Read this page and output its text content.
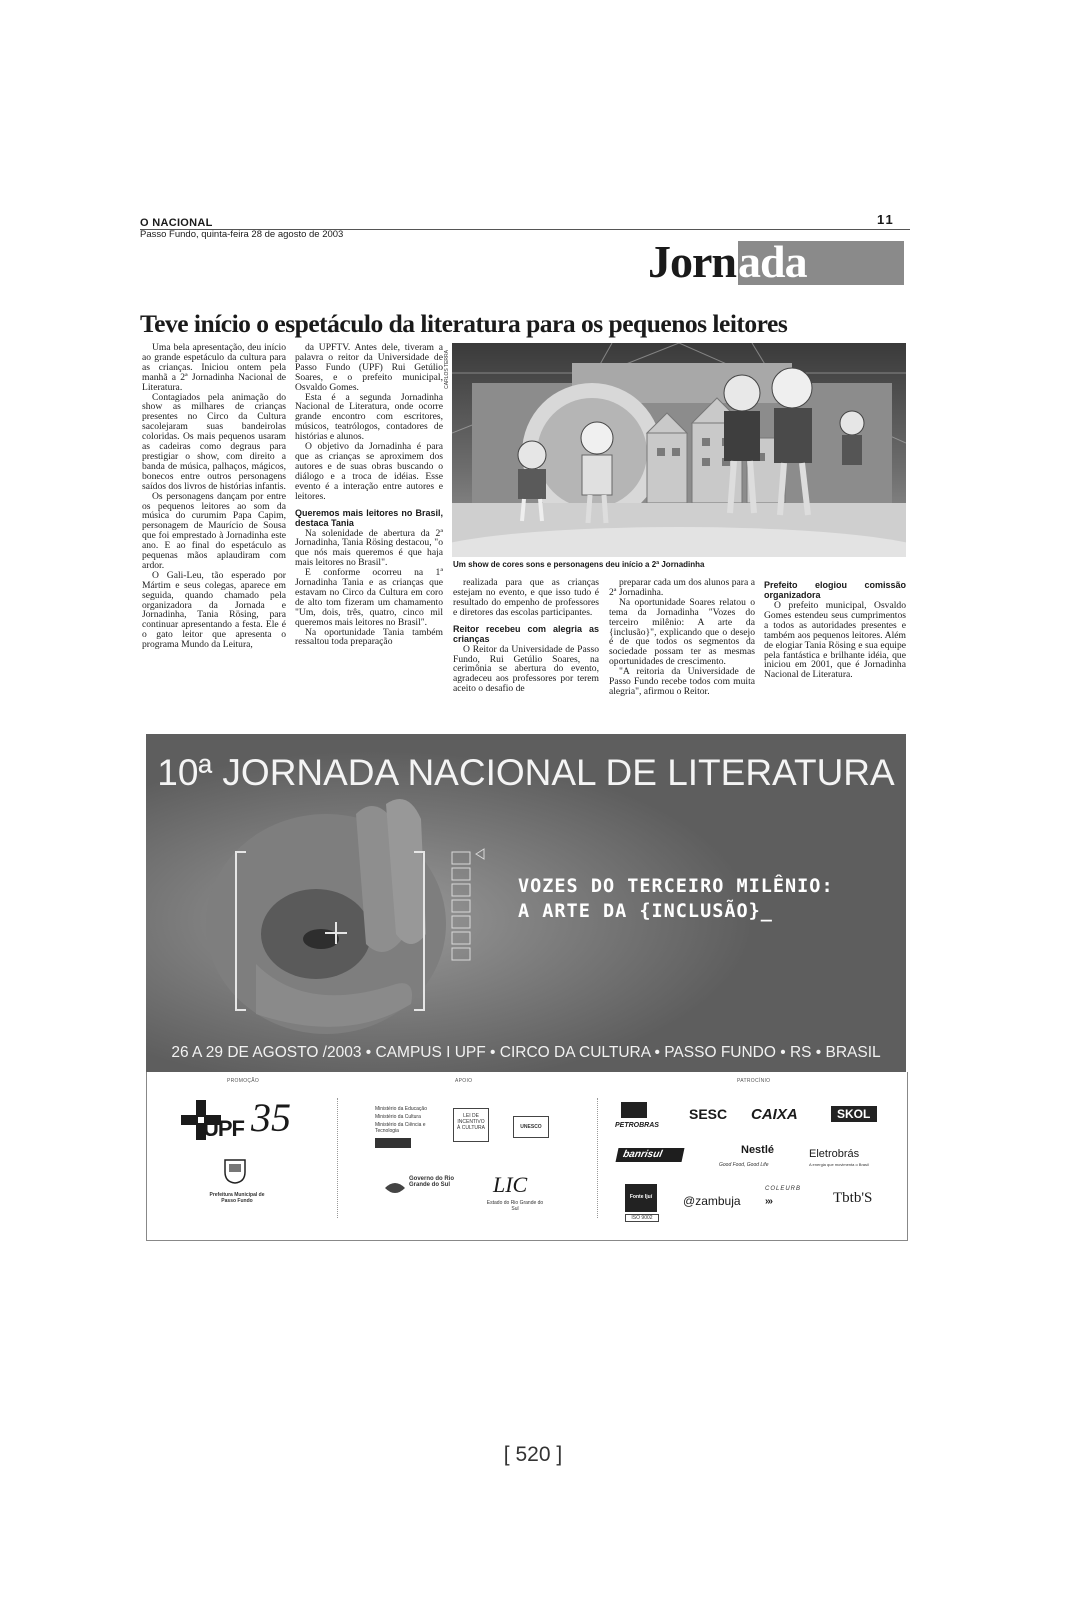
O NACIONAL
Passo Fundo, quinta-feira 28 de agosto de 2003
11
Jorn ada
Teve início o espetáculo da literatura para os pequenos leitores

Uma bela apresentação, deu início ao grande espetáculo da cultura para as crianças. Iniciou ontem pela manhã a 2ª Jornadinha Nacional de Literatura.

Contagiados pela animação do show as milhares de crianças presentes no Circo da Cultura sacolejaram suas bandeirolas coloridas. Os mais pequenos usaram as cadeiras como degraus para prestigiar o show, com direito a banda de música, palhaços, mágicos, bonecos entre outros personagens saídos dos livros de histórias infantis.

Os personagens dançam por entre os pequenos leitores ao som da música do curumim Papa Capim, personagem de Maurício de Sousa que foi emprestado à Jornadinha este ano. E ao final do espetáculo as pequenas mãos aplaudiram com ardor.

O Gali-Leu, tão esperado por Mártim e seus colegas, aparece em seguida, quando chamado pela organizadora da Jornada e Jornadinha, Tania Rösing, para continuar apresentando a festa. Ele é o gato leitor que apresenta o programa Mundo da Leitura,

da UPFTV. Antes dele, tiveram a palavra o reitor da Universidade de Passo Fundo (UPF) Rui Getúlio Soares, e o prefeito municipal, Osvaldo Gomes.

Esta é a segunda Jornadinha Nacional de Literatura, onde ocorre grande encontro com escritores, músicos, teatrólogos, contadores de histórias e alunos.

O objetivo da Jornadinha é para que as crianças se aproximem dos autores e de suas obras buscando o diálogo e a troca de idéias. Esse evento é a interação entre autores e leitores.

Queremos mais leitores no Brasil, destaca Tania

Na solenidade de abertura da 2ª Jornadinha, Tania Rösing destacou, "o que nós mais queremos é que haja mais leitores no Brasil".

E conforme ocorreu na 1ª Jornadinha Tania e as crianças que estavam no Circo da Cultura em coro de alto tom fizeram um chamamento "Um, dois, três, quatro, cinco mil queremos mais leitores no Brasil".

Na oportunidade Tania também ressaltou toda preparação

CARLOS TERRA
Um show de cores sons e personagens deu início a 2ª Jornadinha

realizada para que as crianças estejam no evento, e que isso tudo é resultado do empenho de professores e diretores das escolas participantes.

Reitor recebeu com alegria as crianças

O Reitor da Universidade de Passo Fundo, Rui Getúlio Soares, na cerimônia se abertura do evento, agradeceu aos professores por terem aceito o desafio de

preparar cada um dos alunos para a 2ª Jornadinha.

Na oportunidade Soares relatou o tema da Jornadinha "Vozes do terceiro milênio: A arte da {inclusão}", explicando que o desejo é de que todos os segmentos da sociedade possam ter as mesmas oportunidades de crescimento.

"A reitoria da Universidade de Passo Fundo recebe todos com muita alegria", afirmou o Reitor.

Prefeito elogiou comissão organizadora

O prefeito municipal, Osvaldo Gomes estendeu seus cumprimentos a todos as autoridades presentes e também aos pequenos leitores. Além de elogiar Tania Rösing e sua equipe pela fantástica e brilhante idéia, que iniciou em 2001, que é Jornadinha Nacional de Literatura.

10ª JORNADA NACIONAL DE LITERATURA
VOZES DO TERCEIRO MILÊNIO:
A ARTE DA {INCLUSÃO}_
26 A 29 DE AGOSTO /2003 • CAMPUS I UPF • CIRCO DA CULTURA • PASSO FUNDO • RS • BRASIL
PROMOÇÃO	APOIO	PATROCÍNIO
UPF 35
Prefeitura Municipal de Passo Fundo
Ministério da Educação
Ministério da Cultura
Ministério da Ciência e Tecnologia
LEI DE INCENTIVO À CULTURA	UNESCO
Governo do Rio Grande do Sul	LIC
Estado do Rio Grande do Sul
PETROBRAS
SESC CAIXA	SKOL
banrisul	Nestlé
Good Food, Good Life
Eletrobrás
A energia que movimenta o Brasil
Fonte Ijuí
ISO 9002
@zambuja
COLEURB
›››	Tbtb'S
[ 520 ]
